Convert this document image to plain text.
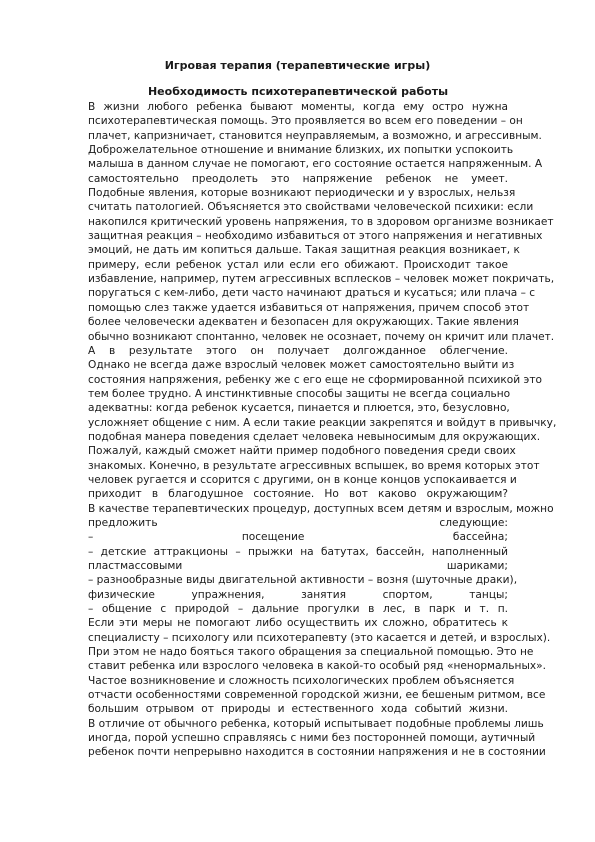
Игровая терапия (терапевтические игры)
Необходимость психотерапевтической работы
В жизни любого ребенка бывают моменты, когда ему остро нужна
психотерапевтическая помощь. Это проявляется во всем его поведении – он
плачет, капризничает, становится неуправляемым, а возможно, и агрессивным.
Доброжелательное отношение и внимание близких, их попытки успокоить
малыша в данном случае не помогают, его состояние остается напряженным. А
самостоятельно преодолеть это напряжение ребенок не умеет.
Подобные явления, которые возникают периодически и у взрослых, нельзя
считать патологией. Объясняется это свойствами человеческой психики: если
накопился критический уровень напряжения, то в здоровом организме возникает
защитная реакция – необходимо избавиться от этого напряжения и негативных
эмоций, не дать им копиться дальше. Такая защитная реакция возникает, к
примеру, если ребенок устал или если его обижают. Происходит такое
избавление, например, путем агрессивных всплесков – человек может покричать,
поругаться с кем-либо, дети часто начинают драться и кусаться; или плача – с
помощью слез также удается избавиться от напряжения, причем способ этот
более человечески адекватен и безопасен для окружающих. Такие явления
обычно возникают спонтанно, человек не осознает, почему он кричит или плачет.
А в результате этого он получает долгожданное облегчение.
Однако не всегда даже взрослый человек может самостоятельно выйти из
состояния напряжения, ребенку же с его еще не сформированной психикой это
тем более трудно. А инстинктивные способы защиты не всегда социально
адекватны: когда ребенок кусается, пинается и плюется, это, безусловно,
усложняет общение с ним. А если такие реакции закрепятся и войдут в привычку,
подобная манера поведения сделает человека невыносимым для окружающих.
Пожалуй, каждый сможет найти пример подобного поведения среди своих
знакомых. Конечно, в результате агрессивных вспышек, во время которых этот
человек ругается и ссорится с другими, он в конце концов успокаивается и
приходит в благодушное состояние. Но вот каково окружающим?
В качестве терапевтических процедур, доступных всем детям и взрослым, можно
предложить следующие:
– посещение бассейна;
– детские аттракционы – прыжки на батутах, бассейн, наполненный
пластмассовыми шариками;
– разнообразные виды двигательной активности – возня (шуточные драки),
физические упражнения, занятия спортом, танцы;
– общение с природой – дальние прогулки в лес, в парк и т. п.
Если эти меры не помогают либо осуществить их сложно, обратитесь к
специалисту – психологу или психотерапевту (это касается и детей, и взрослых).
При этом не надо бояться такого обращения за специальной помощью. Это не
ставит ребенка или взрослого человека в какой-то особый ряд «ненормальных».
Частое возникновение и сложность психологических проблем объясняется
отчасти особенностями современной городской жизни, ее бешеным ритмом, все
большим отрывом от природы и естественного хода событий жизни.
В отличие от обычного ребенка, который испытывает подобные проблемы лишь
иногда, порой успешно справляясь с ними без посторонней помощи, аутичный
ребенок почти непрерывно находится в состоянии напряжения и не в состоянии
